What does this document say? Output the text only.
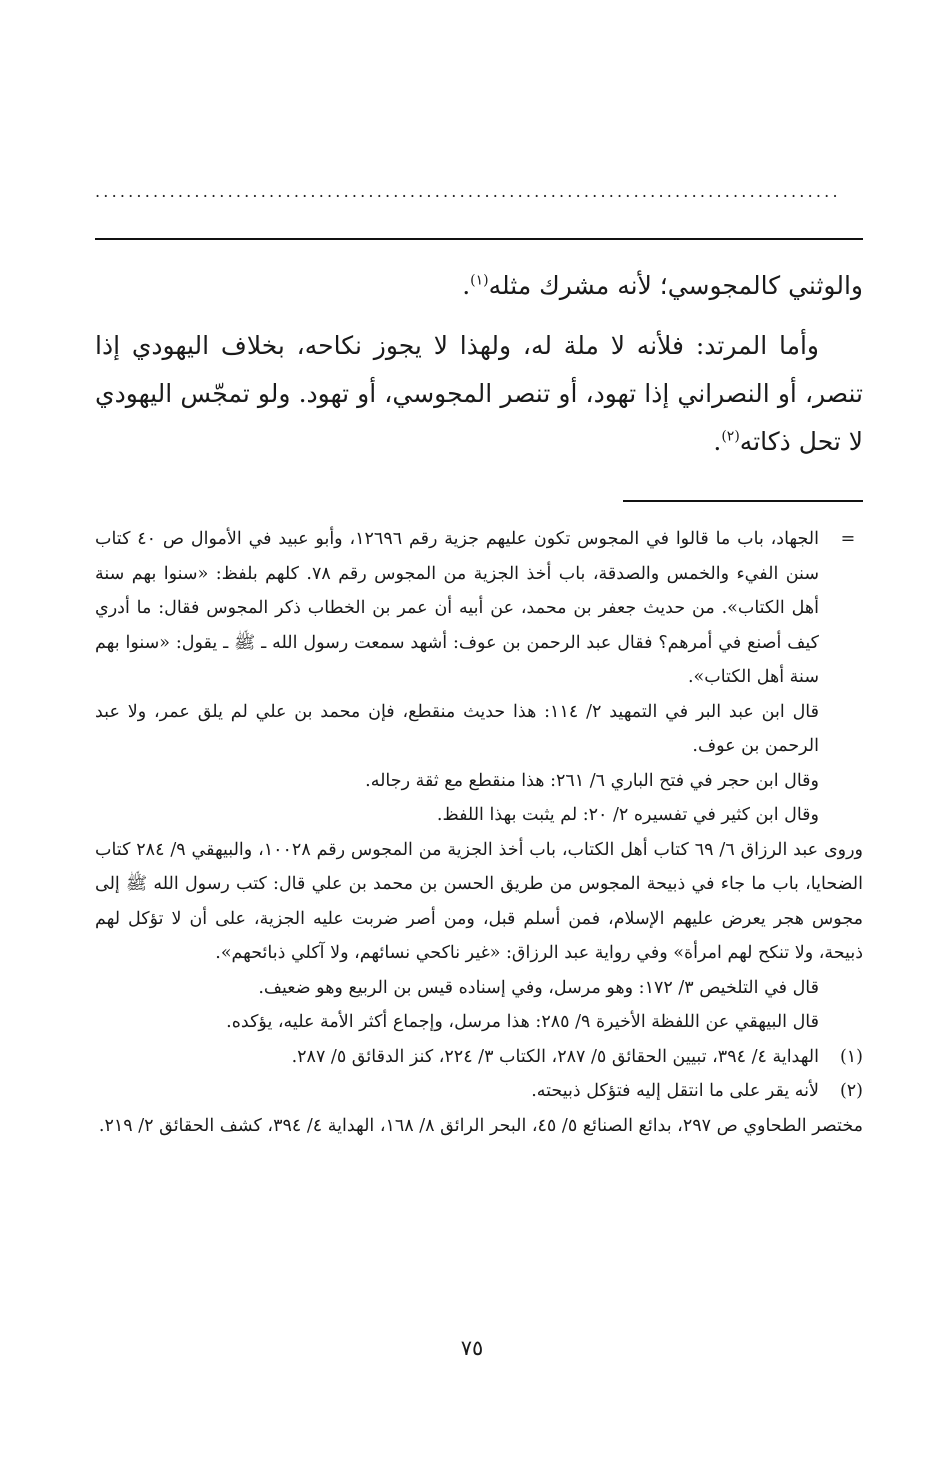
..........................................................................................

والوثني كالمجوسي؛ لأنه مشرك مثله$^{(١)}$.

وأما المرتد: فلأنه لا ملة له، ولهذا لا يجوز نكاحه، بخلاف اليهودي إذا تنصر، أو النصراني إذا تهود، أو تنصر المجوسي، أو تهود. ولو تمجّس اليهودي لا تحل ذكاته$^{(٢)}$.

=
الجهاد، باب ما قالوا في المجوس تكون عليهم جزية رقم ١٢٦٩٦، وأبو عبيد في الأموال ص ٤٠ كتاب سنن الفيء والخمس والصدقة، باب أخذ الجزية من المجوس رقم ٧٨. كلهم بلفظ: «سنوا بهم سنة أهل الكتاب». من حديث جعفر بن محمد، عن أبيه أن عمر بن الخطاب ذكر المجوس فقال: ما أدري كيف أصنع في أمرهم؟ فقال عبد الرحمن بن عوف: أشهد سمعت رسول الله ـ ﷺ ـ يقول: «سنوا بهم سنة أهل الكتاب».

قال ابن عبد البر في التمهيد ٢/ ١١٤: هذا حديث منقطع، فإن محمد بن علي لم يلق عمر، ولا عبد الرحمن بن عوف.

وقال ابن حجر في فتح الباري ٦/ ٢٦١: هذا منقطع مع ثقة رجاله.

وقال ابن كثير في تفسيره ٢/ ٢٠: لم يثبت بهذا اللفظ.

وروى عبد الرزاق ٦/ ٦٩ كتاب أهل الكتاب، باب أخذ الجزية من المجوس رقم ١٠٠٢٨، والبيهقي ٩/ ٢٨٤ كتاب الضحايا، باب ما جاء في ذبيحة المجوس من طريق الحسن بن محمد بن علي قال: كتب رسول الله ﷺ إلى مجوس هجر يعرض عليهم الإسلام، فمن أسلم قبل، ومن أصر ضربت عليه الجزية، على أن لا تؤكل لهم ذبيحة، ولا تنكح لهم امرأة» وفي رواية عبد الرزاق: «غير ناكحي نسائهم، ولا آكلي ذبائحهم».

قال في التلخيص ٣/ ١٧٢: وهو مرسل، وفي إسناده قيس بن الربيع وهو ضعيف.

قال البيهقي عن اللفظة الأخيرة ٩/ ٢٨٥: هذا مرسل، وإجماع أكثر الأمة عليه، يؤكده.

(١)
الهداية ٤/ ٣٩٤، تبيين الحقائق ٥/ ٢٨٧، الكتاب ٣/ ٢٢٤، كنز الدقائق ٥/ ٢٨٧.
(٢)
لأنه يقر على ما انتقل إليه فتؤكل ذبيحته.

مختصر الطحاوي ص ٢٩٧، بدائع الصنائع ٥/ ٤٥، البحر الرائق ٨/ ١٦٨، الهداية ٤/ ٣٩٤، كشف الحقائق ٢/ ٢١٩.

٧٥
